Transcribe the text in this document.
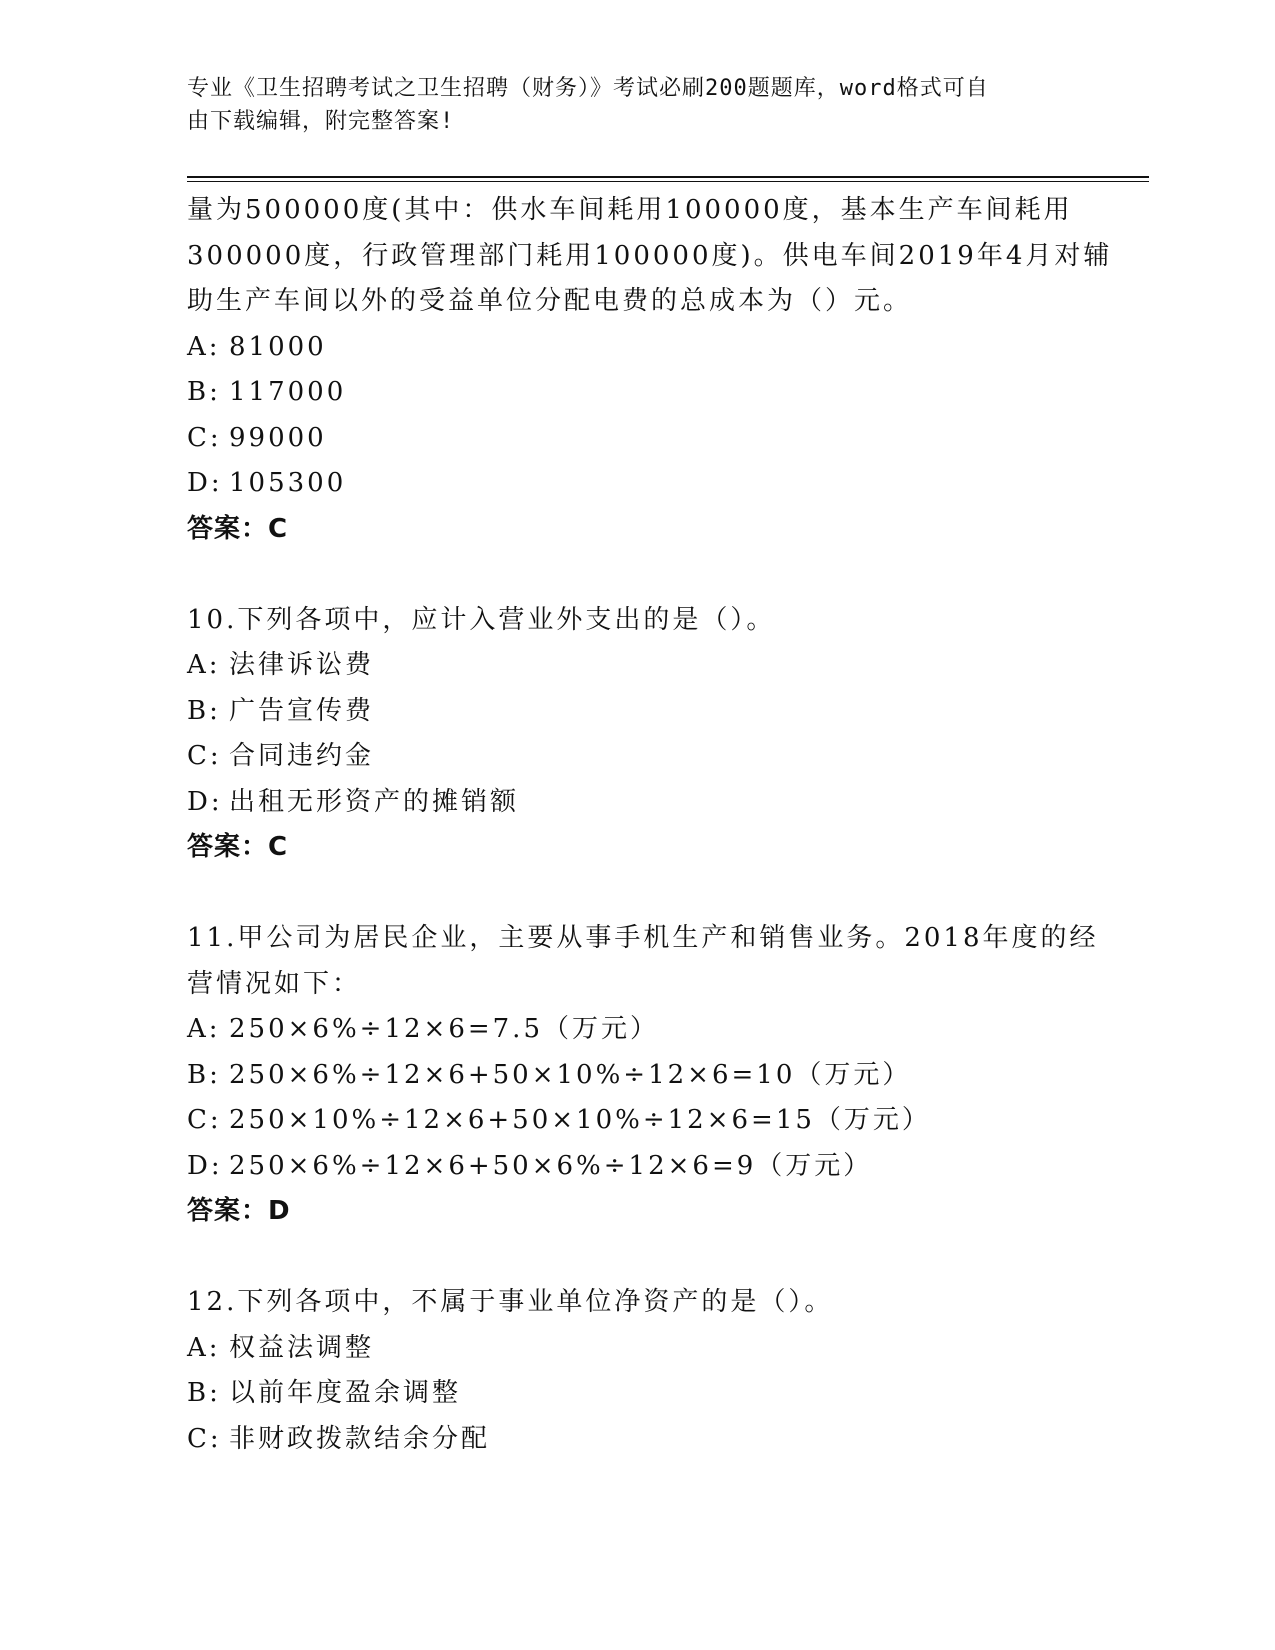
专业《卫生招聘考试之卫生招聘（财务）》考试必刷200题题库，word格式可自
由下载编辑，附完整答案!
量为500000度(其中：供水车间耗用100000度，基本生产车间耗用
300000度，行政管理部门耗用100000度)。供电车间2019年4月对辅
助生产车间以外的受益单位分配电费的总成本为（）元。
A: 81000
B: 117000
C: 99000
D: 105300
答案：C
10.下列各项中，应计入营业外支出的是（）。
A: 法律诉讼费
B: 广告宣传费
C: 合同违约金
D: 出租无形资产的摊销额
答案：C
11.甲公司为居民企业，主要从事手机生产和销售业务。2018年度的经
营情况如下：
A: 250×6%÷12×6=7.5（万元）
B: 250×6%÷12×6+50×10%÷12×6=10（万元）
C: 250×10%÷12×6+50×10%÷12×6=15（万元）
D: 250×6%÷12×6+50×6%÷12×6=9（万元）
答案：D
12.下列各项中，不属于事业单位净资产的是（）。
A: 权益法调整
B: 以前年度盈余调整
C: 非财政拨款结余分配
